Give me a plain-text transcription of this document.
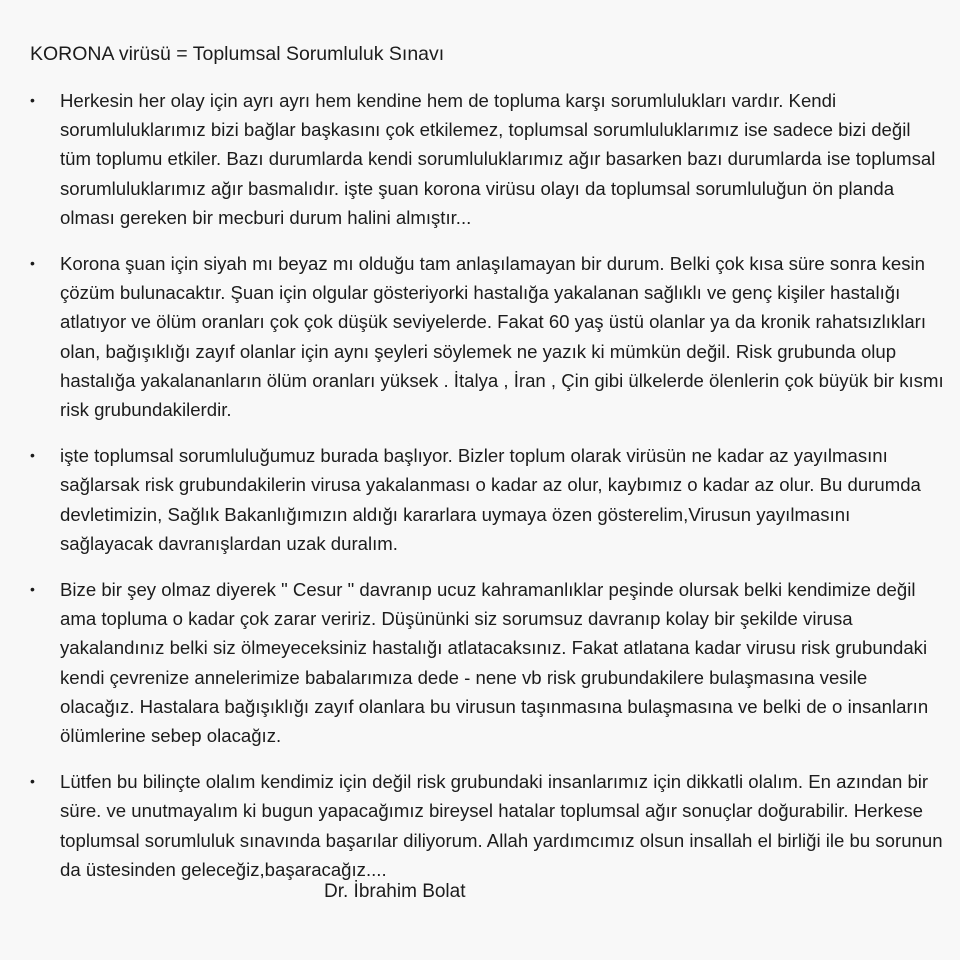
KORONA virüsü = Toplumsal Sorumluluk Sınavı
• Herkesin her olay için ayrı ayrı hem kendine hem de topluma karşı sorumlulukları vardır. Kendi sorumluluklarımız bizi bağlar başkasını çok etkilemez, toplumsal sorumluluklarımız ise sadece bizi değil tüm toplumu etkiler. Bazı durumlarda kendi sorumluluklarımız ağır basarken bazı durumlarda ise toplumsal sorumluluklarımız ağır basmalıdır. işte şuan korona virüsu olayı da toplumsal sorumluluğun ön planda olması gereken bir mecburi durum halini almıştır...
• Korona şuan için siyah mı beyaz mı olduğu tam anlaşılamayan bir durum. Belki çok kısa süre sonra kesin çözüm bulunacaktır. Şuan için olgular gösteriyorki hastalığa yakalanan sağlıklı ve genç kişiler hastalığı atlatıyor ve ölüm oranları çok çok düşük seviyelerde. Fakat 60 yaş üstü olanlar ya da kronik rahatsızlıkları olan, bağışıklığı zayıf olanlar için aynı şeyleri söylemek ne yazık ki mümkün değil. Risk grubunda olup hastalığa yakalananların ölüm oranları yüksek . İtalya , İran , Çin gibi ülkelerde ölenlerin çok büyük bir kısmı risk grubundakilerdir.
• işte toplumsal sorumluluğumuz burada başlıyor. Bizler toplum olarak virüsün ne kadar az yayılmasını sağlarsak risk grubundakilerin virusa yakalanması o kadar az olur, kaybımız o kadar az olur. Bu durumda devletimizin, Sağlık Bakanlığımızın aldığı kararlara uymaya özen gösterelim,Virusun yayılmasını sağlayacak davranışlardan uzak duralım.
• Bize bir şey olmaz diyerek " Cesur " davranıp ucuz kahramanlıklar peşinde olursak belki kendimize değil ama topluma o kadar çok zarar veririz. Düşününki siz sorumsuz davranıp kolay bir şekilde virusa yakalandınız belki siz ölmeyeceksiniz hastalığı atlatacaksınız. Fakat atlatana kadar virusu risk grubundaki kendi çevrenize annelerimize babalarımıza dede - nene vb risk grubundakilere bulaşmasına vesile olacağız. Hastalara bağışıklığı zayıf olanlara bu virusun taşınmasına bulaşmasına ve belki de o insanların ölümlerine sebep olacağız.
• Lütfen bu bilinçte olalım kendimiz için değil risk grubundaki insanlarımız için dikkatli olalım. En azından bir süre. ve unutmayalım ki bugun yapacağımız bireysel hatalar toplumsal ağır sonuçlar doğurabilir. Herkese toplumsal sorumluluk sınavında başarılar diliyorum. Allah yardımcımız olsun insallah el birliği ile bu sorunun da üstesinden geleceğiz,başaracağız....
Dr. İbrahim Bolat
